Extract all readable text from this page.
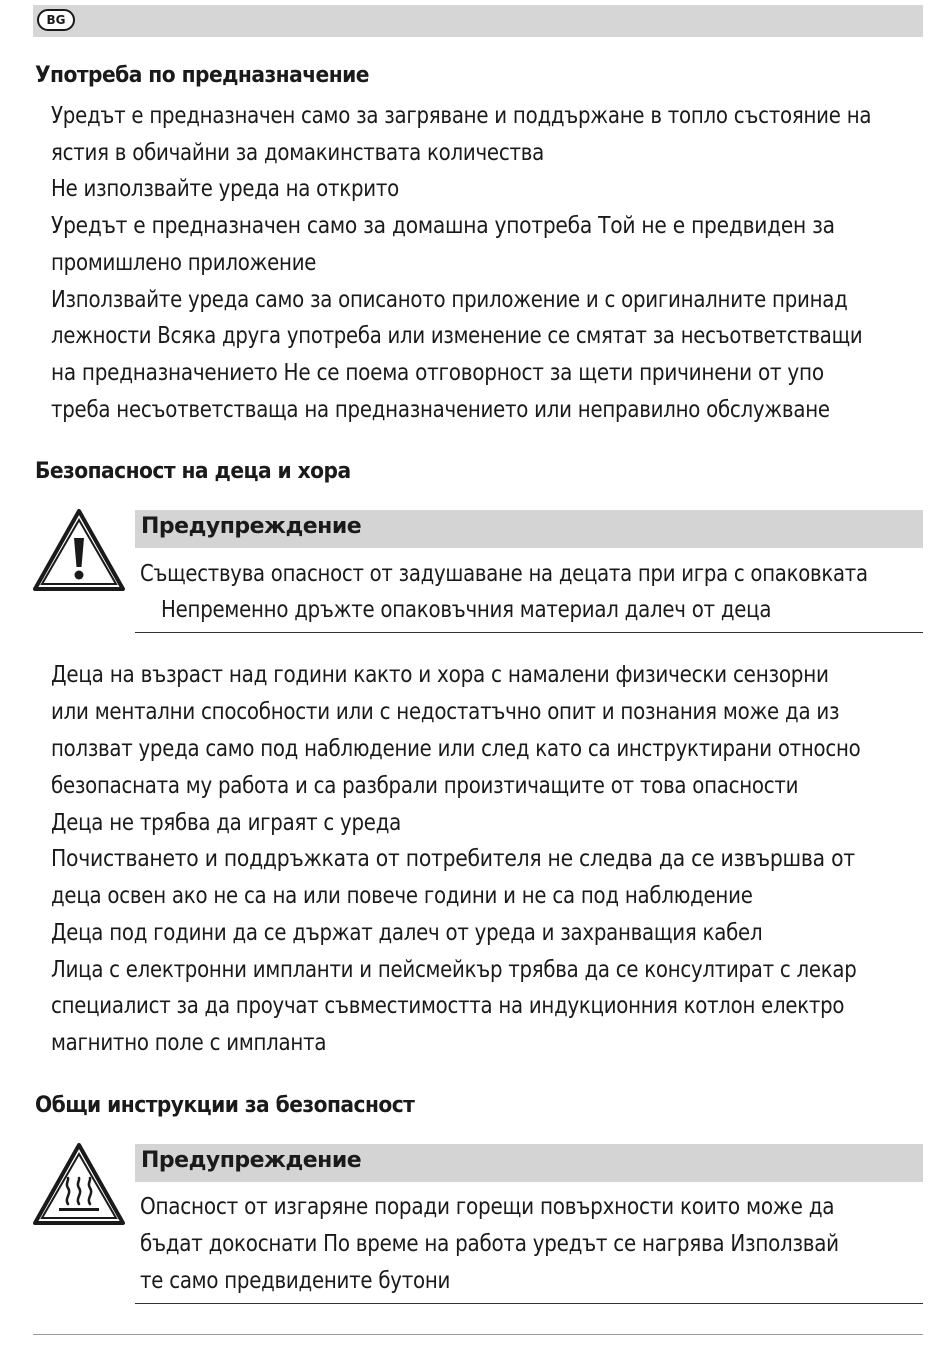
BG
Употреба по предназначение

Уредът е предназначен само за загряване и поддържане в топло състояние на

ястия в обичайни за домакинствата количества

Не използвайте уреда на открито

Уредът е предназначен само за домашна употреба Той не е предвиден за

промишлено приложение

Използвайте уреда само за описаното приложение и с оригиналните принад

лежности Всяка друга употреба или изменение се смятат за несъответстващи

на предназначението Не се поема отговорност за щети причинени от упо

треба несъответстваща на предназначението или неправилно обслужване

Безопасност на деца и хора
Предупреждение

Съществува опасност от задушаване на децата при игра с опаковката

Непременно дръжте опаковъчния материал далеч от деца

Деца на възраст над години както и хора с намалени физически сензорни

или ментални способности или с недостатъчно опит и познания може да из

ползват уреда само под наблюдение или след като са инструктирани относно

безопасната му работа и са разбрали произтичащите от това опасности

Деца не трябва да играят с уреда

Почистването и поддръжката от потребителя не следва да се извършва от

деца освен ако не са на или повече години и не са под наблюдение

Деца под години да се държат далеч от уреда и захранващия кабел

Лица с електронни импланти и пейсмейкър трябва да се консултират с лекар

специалист за да проучат съвместимостта на индукционния котлон електро

магнитно поле с импланта

Общи инструкции за безопасност
Предупреждение

Опасност от изгаряне поради горещи повърхности които може да

бъдат докоснати По време на работа уредът се нагрява Използвай

те само предвидените бутони
